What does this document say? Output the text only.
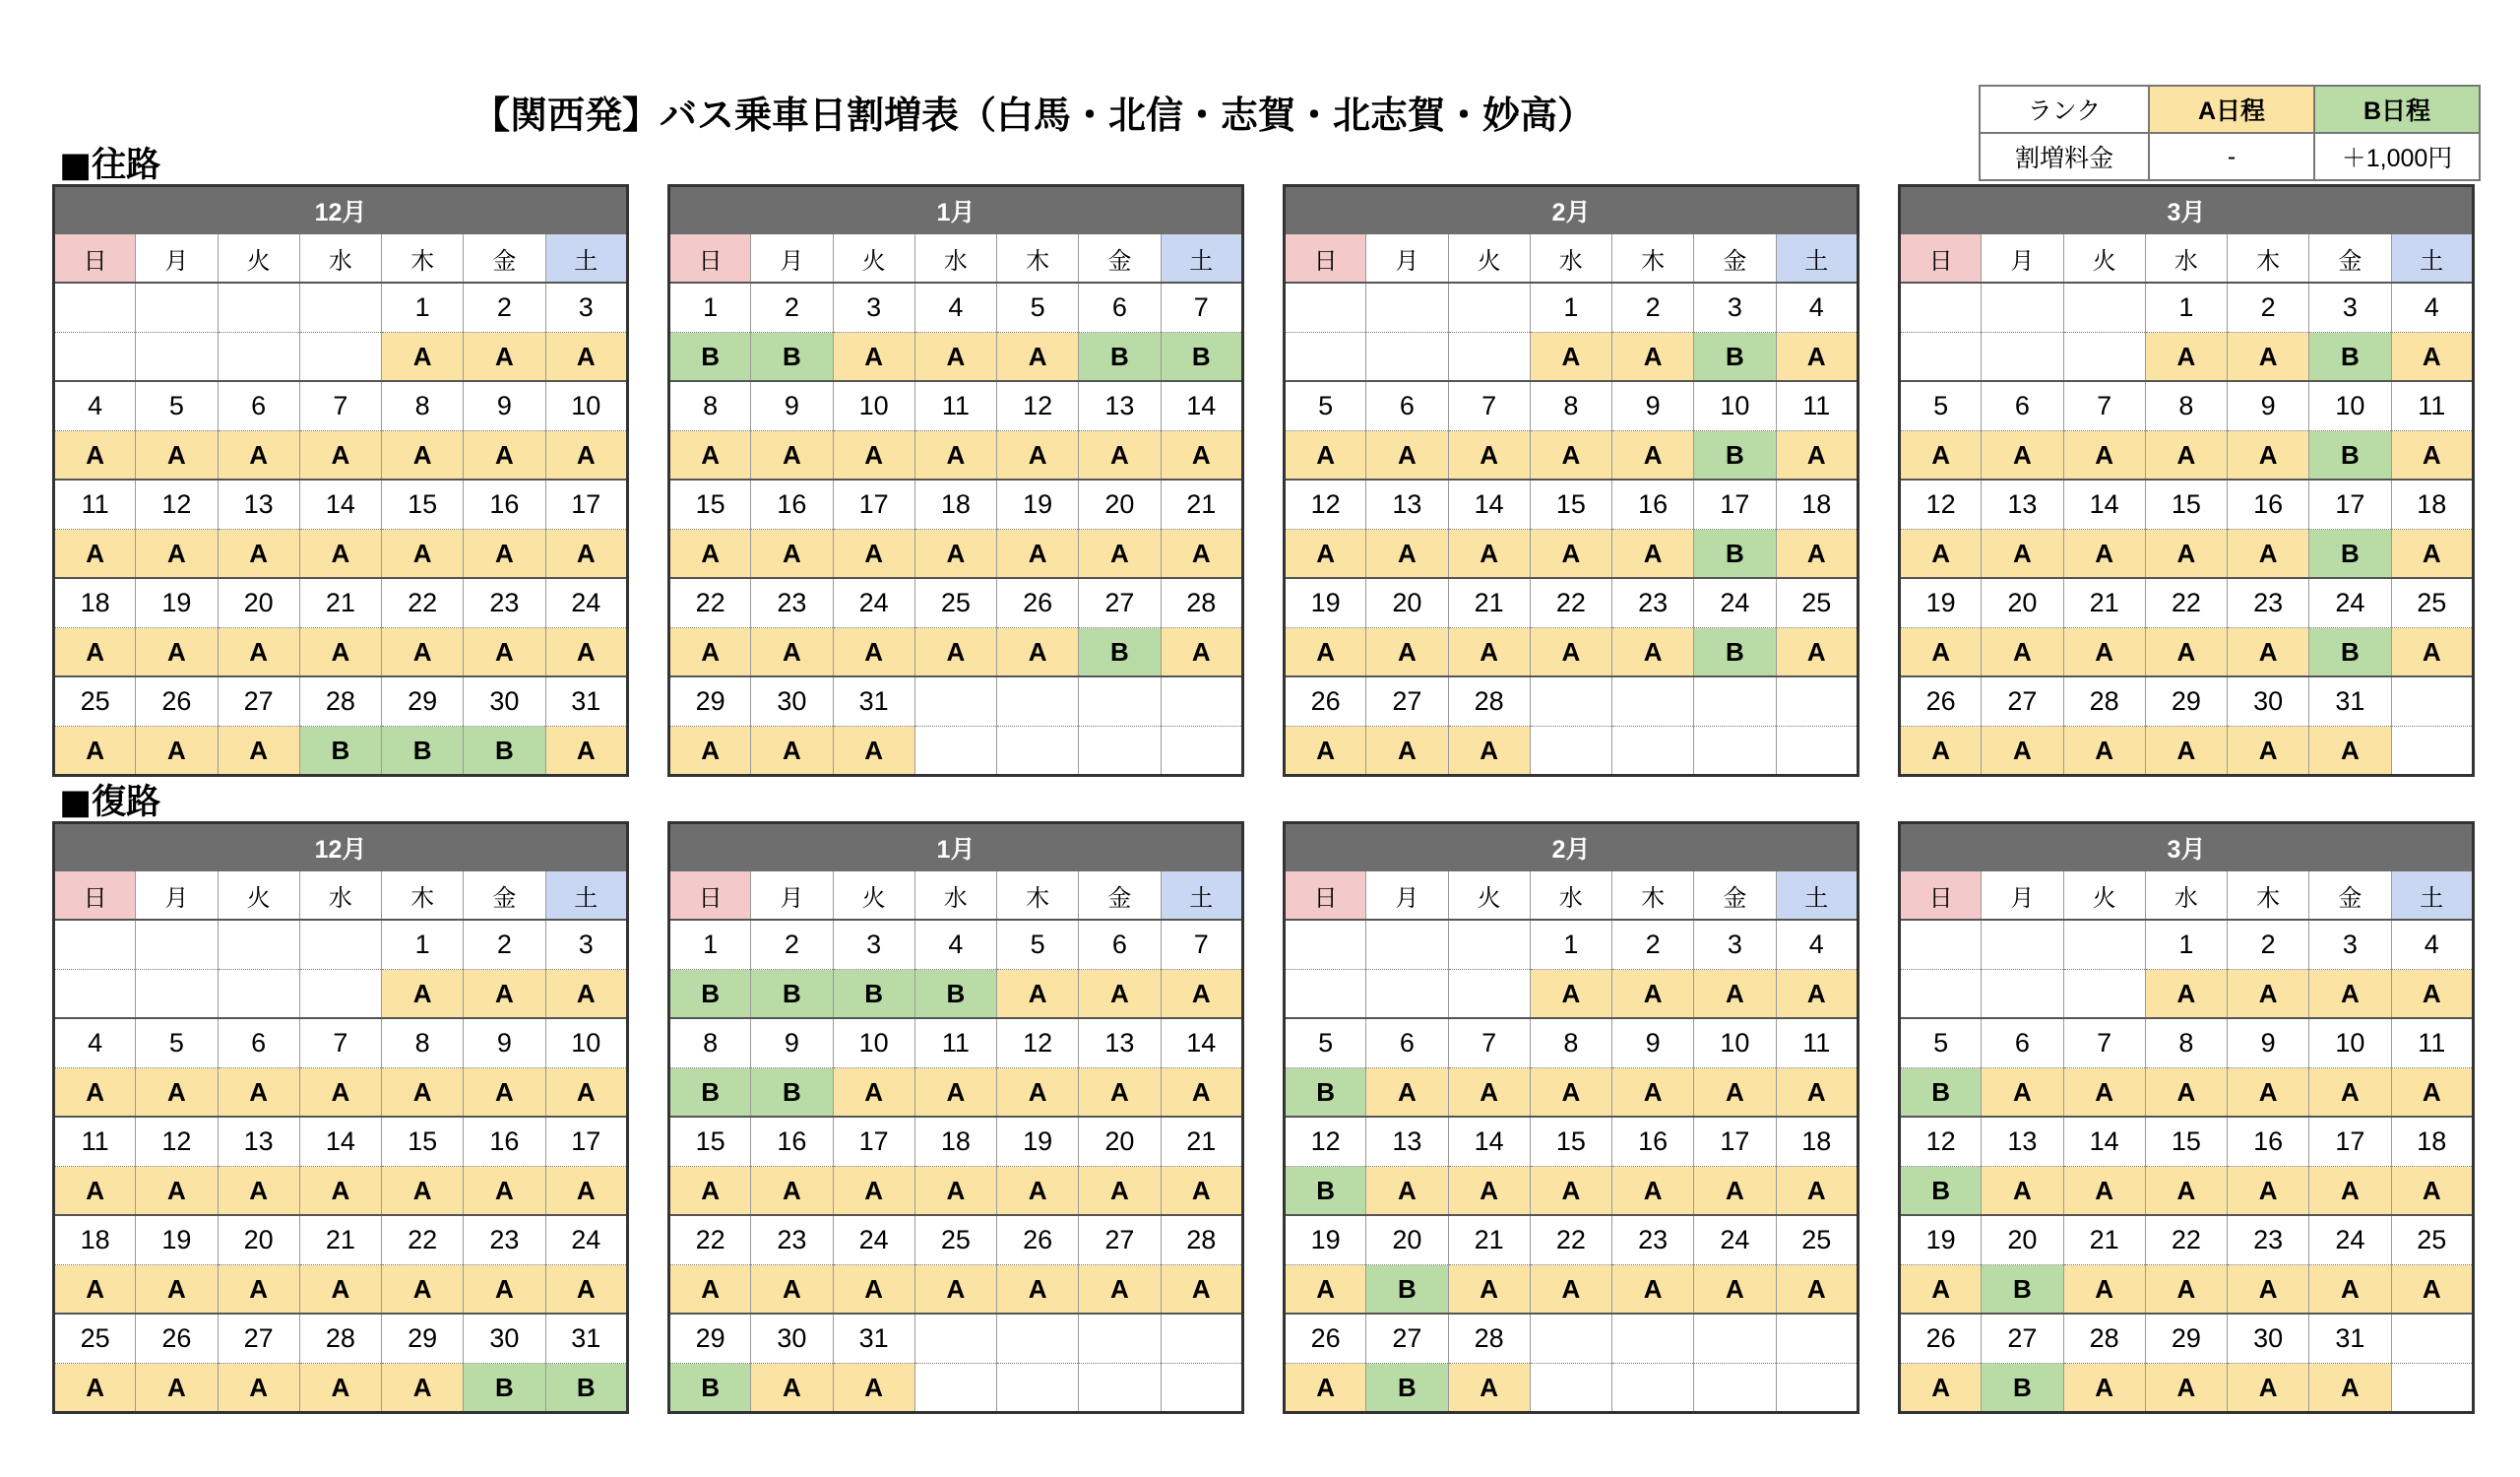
【関西発】バス乗車日割増表（白馬・北信・志賀・北志賀・妙高）	ランク	A日程	B日程
割増料金	-	＋1,000円
■往路
■復路
12月						
日	月	火	水	木	金	土
				1	2	3
				A	A	A
4	5	6	7	8	9	10
A	A	A	A	A	A	A
11	12	13	14	15	16	17
A	A	A	A	A	A	A
18	19	20	21	22	23	24
A	A	A	A	A	A	A
25	26	27	28	29	30	31
A	A	A	B	B	B	A
1月						
日	月	火	水	木	金	土
1	2	3	4	5	6	7
B	B	A	A	A	B	B
8	9	10	11	12	13	14
A	A	A	A	A	A	A
15	16	17	18	19	20	21
A	A	A	A	A	A	A
22	23	24	25	26	27	28
A	A	A	A	A	B	A
29	30	31				
A	A	A				
2月						
日	月	火	水	木	金	土
			1	2	3	4
			A	A	B	A
5	6	7	8	9	10	11
A	A	A	A	A	B	A
12	13	14	15	16	17	18
A	A	A	A	A	B	A
19	20	21	22	23	24	25
A	A	A	A	A	B	A
26	27	28				
A	A	A				
3月						
日	月	火	水	木	金	土
			1	2	3	4
			A	A	B	A
5	6	7	8	9	10	11
A	A	A	A	A	B	A
12	13	14	15	16	17	18
A	A	A	A	A	B	A
19	20	21	22	23	24	25
A	A	A	A	A	B	A
26	27	28	29	30	31	
A	A	A	A	A	A	
12月						
日	月	火	水	木	金	土
				1	2	3
				A	A	A
4	5	6	7	8	9	10
A	A	A	A	A	A	A
11	12	13	14	15	16	17
A	A	A	A	A	A	A
18	19	20	21	22	23	24
A	A	A	A	A	A	A
25	26	27	28	29	30	31
A	A	A	A	A	B	B
1月						
日	月	火	水	木	金	土
1	2	3	4	5	6	7
B	B	B	B	A	A	A
8	9	10	11	12	13	14
B	B	A	A	A	A	A
15	16	17	18	19	20	21
A	A	A	A	A	A	A
22	23	24	25	26	27	28
A	A	A	A	A	A	A
29	30	31				
B	A	A				
2月						
日	月	火	水	木	金	土
			1	2	3	4
			A	A	A	A
5	6	7	8	9	10	11
B	A	A	A	A	A	A
12	13	14	15	16	17	18
B	A	A	A	A	A	A
19	20	21	22	23	24	25
A	B	A	A	A	A	A
26	27	28				
A	B	A				
3月						
日	月	火	水	木	金	土
			1	2	3	4
			A	A	A	A
5	6	7	8	9	10	11
B	A	A	A	A	A	A
12	13	14	15	16	17	18
B	A	A	A	A	A	A
19	20	21	22	23	24	25
A	B	A	A	A	A	A
26	27	28	29	30	31	
A	B	A	A	A	A	
